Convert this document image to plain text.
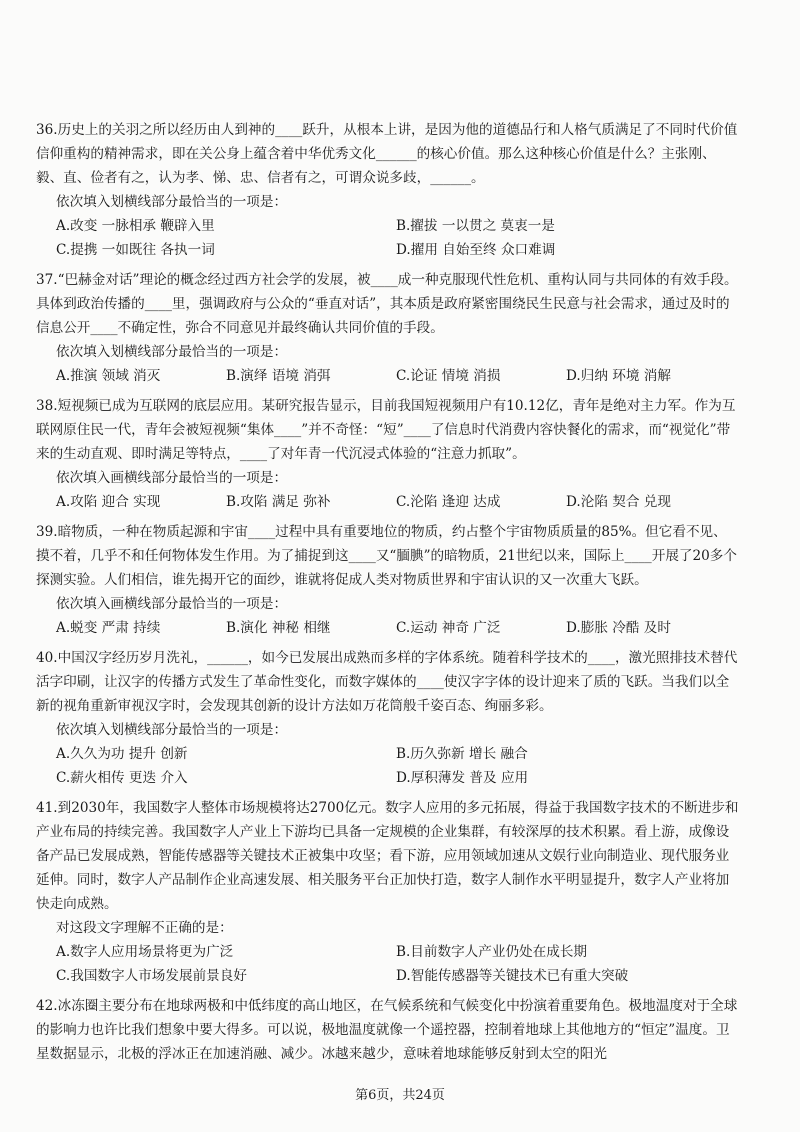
36.历史上的关羽之所以经历由人到神的____跃升，从根本上讲，是因为他的道德品行和人格气质满足了不同时代价值信仰重构的精神需求，即在关公身上蕴含着中华优秀文化______的核心价值。那么这种核心价值是什么？主张刚、毅、直、俭者有之，认为孝、悌、忠、信者有之，可谓众说多歧，______。
依次填入划横线部分最恰当的一项是：
A.改变 一脉相承 鞭辟入里	B.擢拔 一以贯之 莫衷一是
C.提携 一如既往 各执一词	D.擢用 自始至终 众口难调
37.“巴赫金对话”理论的概念经过西方社会学的发展，被____成一种克服现代性危机、重构认同与共同体的有效手段。具体到政治传播的____里，强调政府与公众的“垂直对话”，其本质是政府紧密围绕民生民意与社会需求，通过及时的信息公开____不确定性，弥合不同意见并最终确认共同价值的手段。
依次填入划横线部分最恰当的一项是：
A.推演 领域 消灭	B.演绎 语境 消弭	C.论证 情境 消损	D.归纳 环境 消解
38.短视频已成为互联网的底层应用。某研究报告显示，目前我国短视频用户有10.12亿，青年是绝对主力军。作为互联网原住民一代，青年会被短视频“集体____”并不奇怪：“短”____了信息时代消费内容快餐化的需求，而“视觉化”带来的生动直观、即时满足等特点，____了对年青一代沉浸式体验的“注意力抓取”。
依次填入画横线部分最恰当的一项是：
A.攻陷 迎合 实现	B.攻陷 满足 弥补	C.沦陷 逢迎 达成	D.沦陷 契合 兑现
39.暗物质，一种在物质起源和宇宙____过程中具有重要地位的物质，约占整个宇宙物质质量的85%。但它看不见、摸不着，几乎不和任何物体发生作用。为了捕捉到这____又“腼腆”的暗物质，21世纪以来，国际上____开展了20多个探测实验。人们相信，谁先揭开它的面纱，谁就将促成人类对物质世界和宇宙认识的又一次重大飞跃。
依次填入画横线部分最恰当的一项是：
A.蜕变 严肃 持续	B.演化 神秘 相继	C.运动 神奇 广泛	D.膨胀 冷酷 及时
40.中国汉字经历岁月洗礼，______，如今已发展出成熟而多样的字体系统。随着科学技术的____，激光照排技术替代活字印刷，让汉字的传播方式发生了革命性变化，而数字媒体的____使汉字字体的设计迎来了质的飞跃。当我们以全新的视角重新审视汉字时，会发现其创新的设计方法如万花筒般千姿百态、绚丽多彩。
依次填入划横线部分最恰当的一项是：
A.久久为功 提升 创新	B.历久弥新 增长 融合
C.薪火相传 更迭 介入	D.厚积薄发 普及 应用
41.到2030年，我国数字人整体市场规模将达2700亿元。数字人应用的多元拓展，得益于我国数字技术的不断进步和产业布局的持续完善。我国数字人产业上下游均已具备一定规模的企业集群，有较深厚的技术积累。看上游，成像设备产品已发展成熟，智能传感器等关键技术正被集中攻坚；看下游，应用领域加速从文娱行业向制造业、现代服务业延伸。同时，数字人产品制作企业高速发展、相关服务平台正加快打造，数字人制作水平明显提升，数字人产业将加快走向成熟。
对这段文字理解不正确的是：
A.数字人应用场景将更为广泛	B.目前数字人产业仍处在成长期
C.我国数字人市场发展前景良好	D.智能传感器等关键技术已有重大突破
42.冰冻圈主要分布在地球两极和中低纬度的高山地区，在气候系统和气候变化中扮演着重要角色。极地温度对于全球的影响力也许比我们想象中要大得多。可以说，极地温度就像一个遥控器，控制着地球上其他地方的“恒定”温度。卫星数据显示，北极的浮冰正在加速消融、减少。冰越来越少，意味着地球能够反射到太空的阳光
第6页，共24页
